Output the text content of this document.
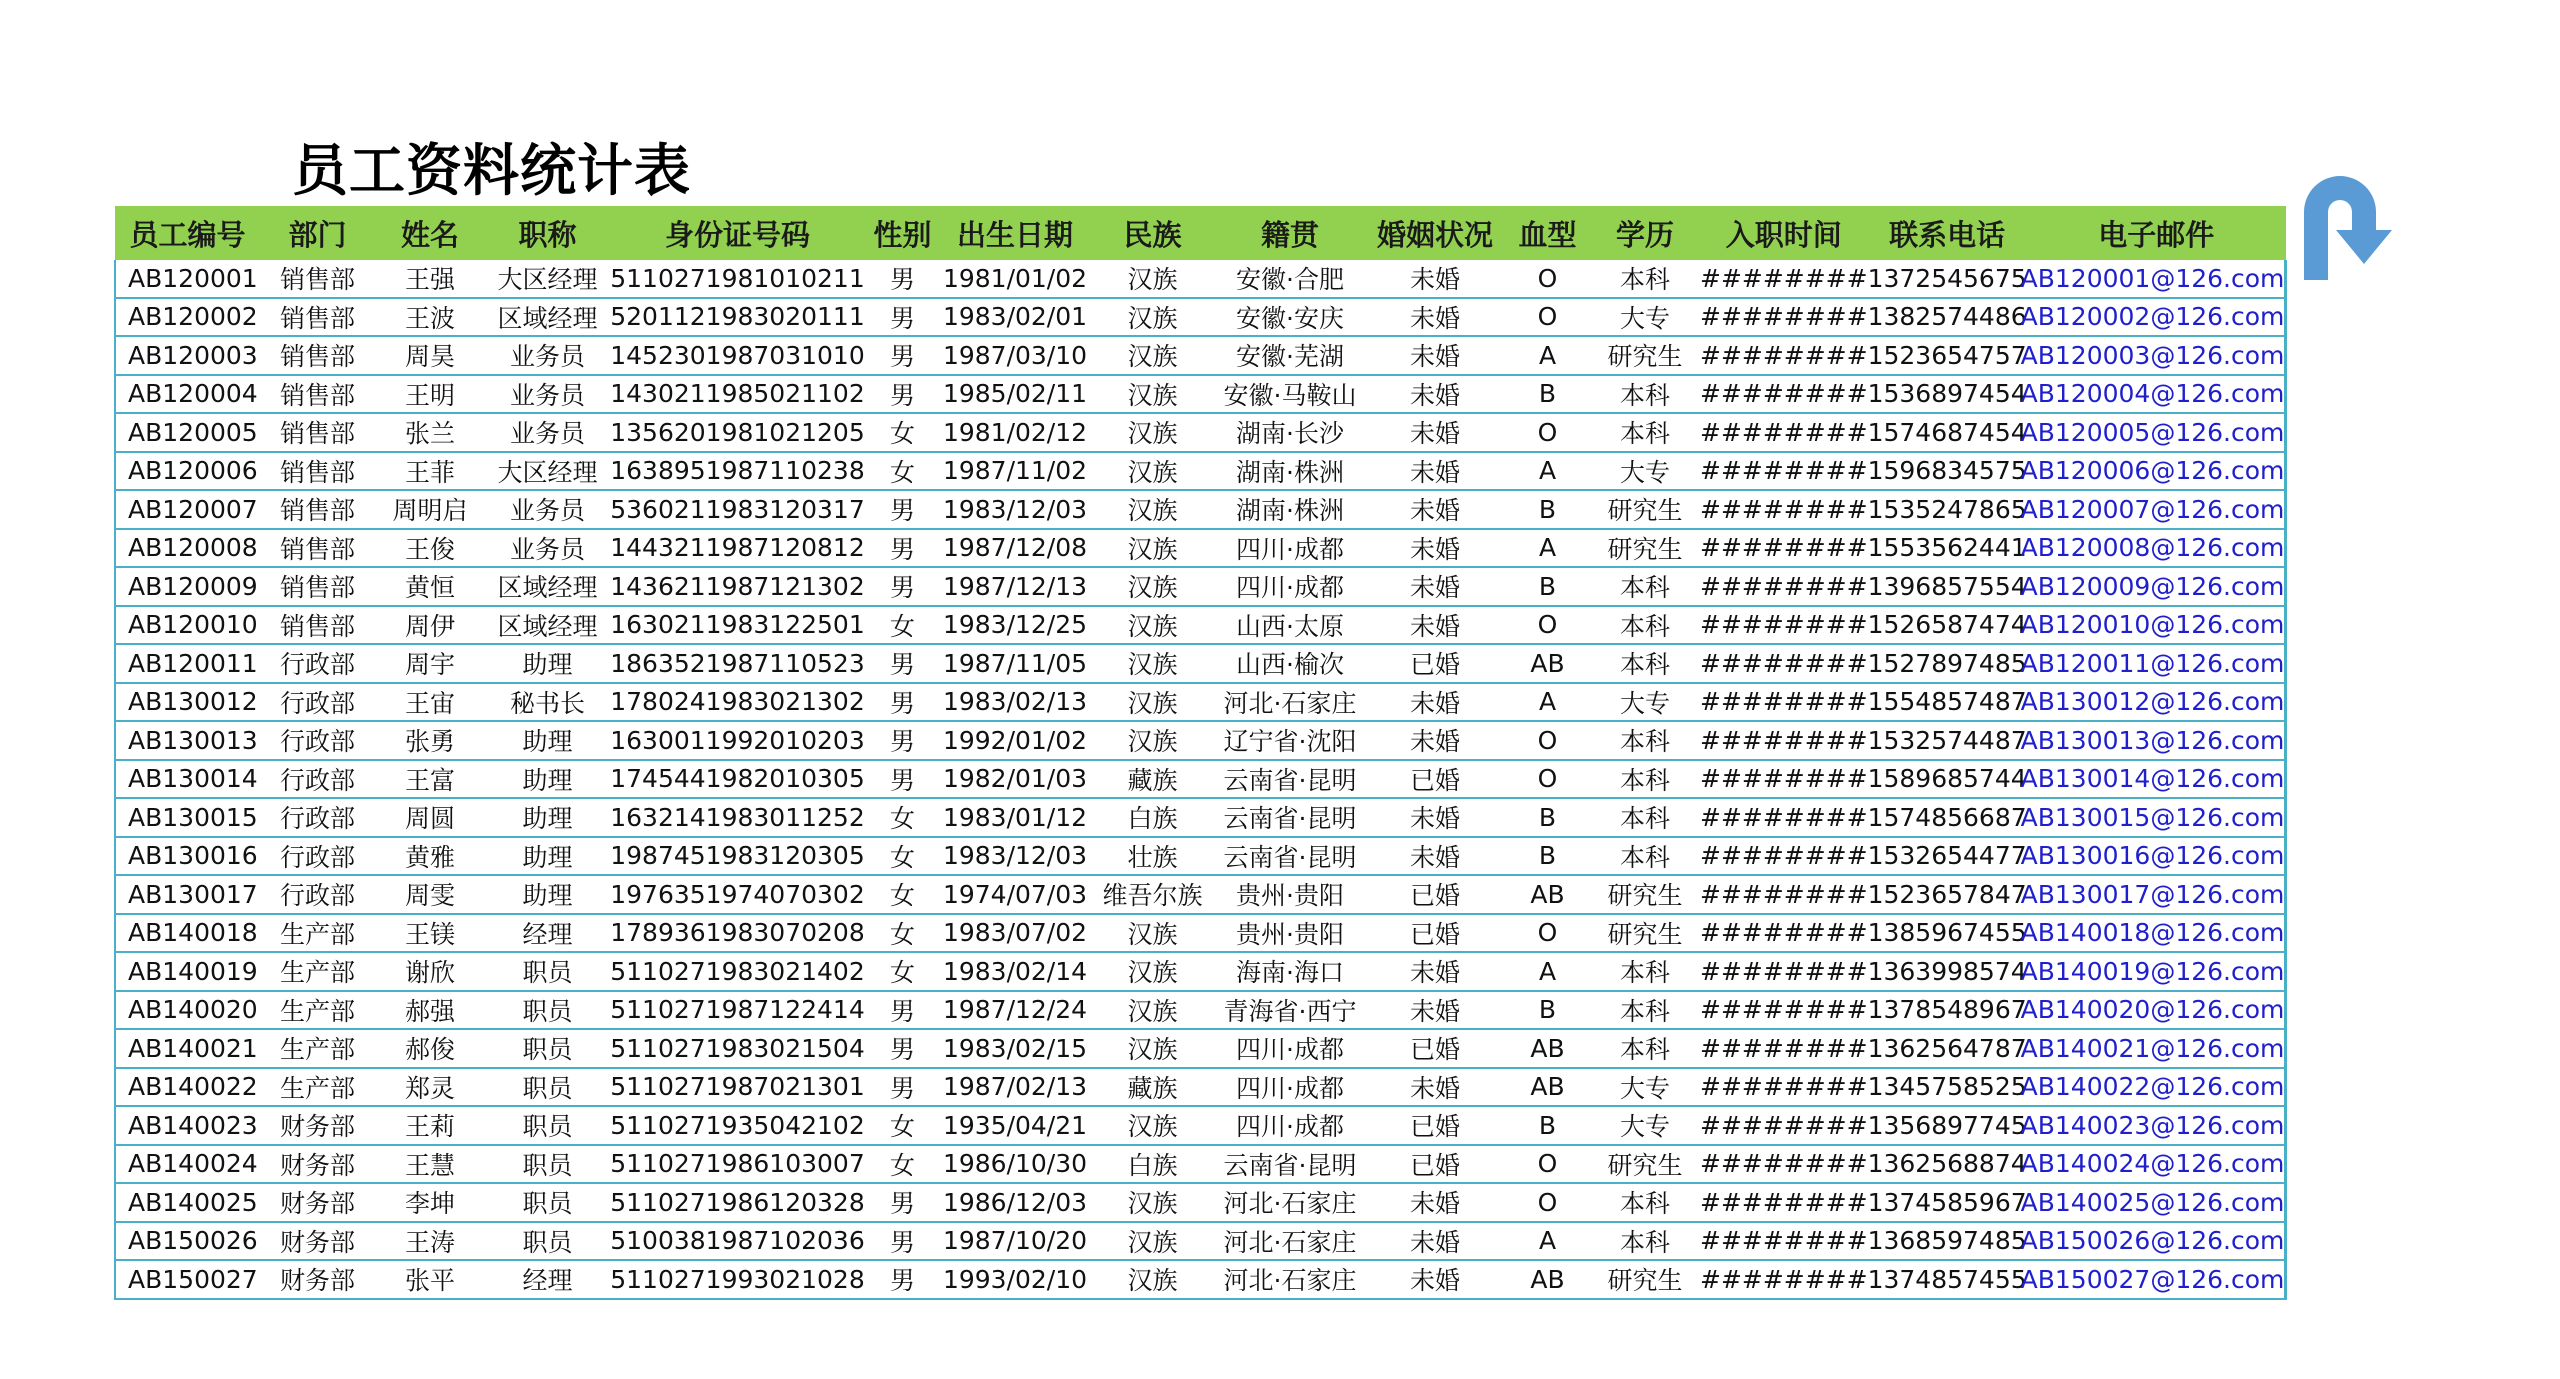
员工资料统计表
员工编号	部门	姓名	职称	身份证号码	性别	出生日期	民族	籍贯	婚姻状况	血型	学历	入职时间	联系电话	电子邮件
AB120001	销售部	王强	大区经理	5110271981010211	男	1981/01/02	汉族	安徽·合肥	未婚	O	本科	########	1372545675	AB120001@126.com
AB120002	销售部	王波	区域经理	5201121983020111	男	1983/02/01	汉族	安徽·安庆	未婚	O	大专	########	1382574486	AB120002@126.com
AB120003	销售部	周昊	业务员	1452301987031010	男	1987/03/10	汉族	安徽·芜湖	未婚	A	研究生	########	1523654757	AB120003@126.com
AB120004	销售部	王明	业务员	1430211985021102	男	1985/02/11	汉族	安徽·马鞍山	未婚	B	本科	########	1536897454	AB120004@126.com
AB120005	销售部	张兰	业务员	1356201981021205	女	1981/02/12	汉族	湖南·长沙	未婚	O	本科	########	1574687454	AB120005@126.com
AB120006	销售部	王菲	大区经理	1638951987110238	女	1987/11/02	汉族	湖南·株洲	未婚	A	大专	########	1596834575	AB120006@126.com
AB120007	销售部	周明启	业务员	5360211983120317	男	1983/12/03	汉族	湖南·株洲	未婚	B	研究生	########	1535247865	AB120007@126.com
AB120008	销售部	王俊	业务员	1443211987120812	男	1987/12/08	汉族	四川·成都	未婚	A	研究生	########	1553562441	AB120008@126.com
AB120009	销售部	黄恒	区域经理	1436211987121302	男	1987/12/13	汉族	四川·成都	未婚	B	本科	########	1396857554	AB120009@126.com
AB120010	销售部	周伊	区域经理	1630211983122501	女	1983/12/25	汉族	山西·太原	未婚	O	本科	########	1526587474	AB120010@126.com
AB120011	行政部	周宇	助理	1863521987110523	男	1987/11/05	汉族	山西·榆次	已婚	AB	本科	########	1527897485	AB120011@126.com
AB130012	行政部	王宙	秘书长	1780241983021302	男	1983/02/13	汉族	河北·石家庄	未婚	A	大专	########	1554857487	AB130012@126.com
AB130013	行政部	张勇	助理	1630011992010203	男	1992/01/02	汉族	辽宁省·沈阳	未婚	O	本科	########	1532574487	AB130013@126.com
AB130014	行政部	王富	助理	1745441982010305	男	1982/01/03	藏族	云南省·昆明	已婚	O	本科	########	1589685744	AB130014@126.com
AB130015	行政部	周圆	助理	1632141983011252	女	1983/01/12	白族	云南省·昆明	未婚	B	本科	########	1574856687	AB130015@126.com
AB130016	行政部	黄雅	助理	1987451983120305	女	1983/12/03	壮族	云南省·昆明	未婚	B	本科	########	1532654477	AB130016@126.com
AB130017	行政部	周雯	助理	1976351974070302	女	1974/07/03	维吾尔族	贵州·贵阳	已婚	AB	研究生	########	1523657847	AB130017@126.com
AB140018	生产部	王镁	经理	1789361983070208	女	1983/07/02	汉族	贵州·贵阳	已婚	O	研究生	########	1385967455	AB140018@126.com
AB140019	生产部	谢欣	职员	5110271983021402	女	1983/02/14	汉族	海南·海口	未婚	A	本科	########	1363998574	AB140019@126.com
AB140020	生产部	郝强	职员	5110271987122414	男	1987/12/24	汉族	青海省·西宁	未婚	B	本科	########	1378548967	AB140020@126.com
AB140021	生产部	郝俊	职员	5110271983021504	男	1983/02/15	汉族	四川·成都	已婚	AB	本科	########	1362564787	AB140021@126.com
AB140022	生产部	郑灵	职员	5110271987021301	男	1987/02/13	藏族	四川·成都	未婚	AB	大专	########	1345758525	AB140022@126.com
AB140023	财务部	王莉	职员	5110271935042102	女	1935/04/21	汉族	四川·成都	已婚	B	大专	########	1356897745	AB140023@126.com
AB140024	财务部	王慧	职员	5110271986103007	女	1986/10/30	白族	云南省·昆明	已婚	O	研究生	########	1362568874	AB140024@126.com
AB140025	财务部	李坤	职员	5110271986120328	男	1986/12/03	汉族	河北·石家庄	未婚	O	本科	########	1374585967	AB140025@126.com
AB150026	财务部	王涛	职员	5100381987102036	男	1987/10/20	汉族	河北·石家庄	未婚	A	本科	########	1368597485	AB150026@126.com
AB150027	财务部	张平	经理	5110271993021028	男	1993/02/10	汉族	河北·石家庄	未婚	AB	研究生	########	1374857455	AB150027@126.com
